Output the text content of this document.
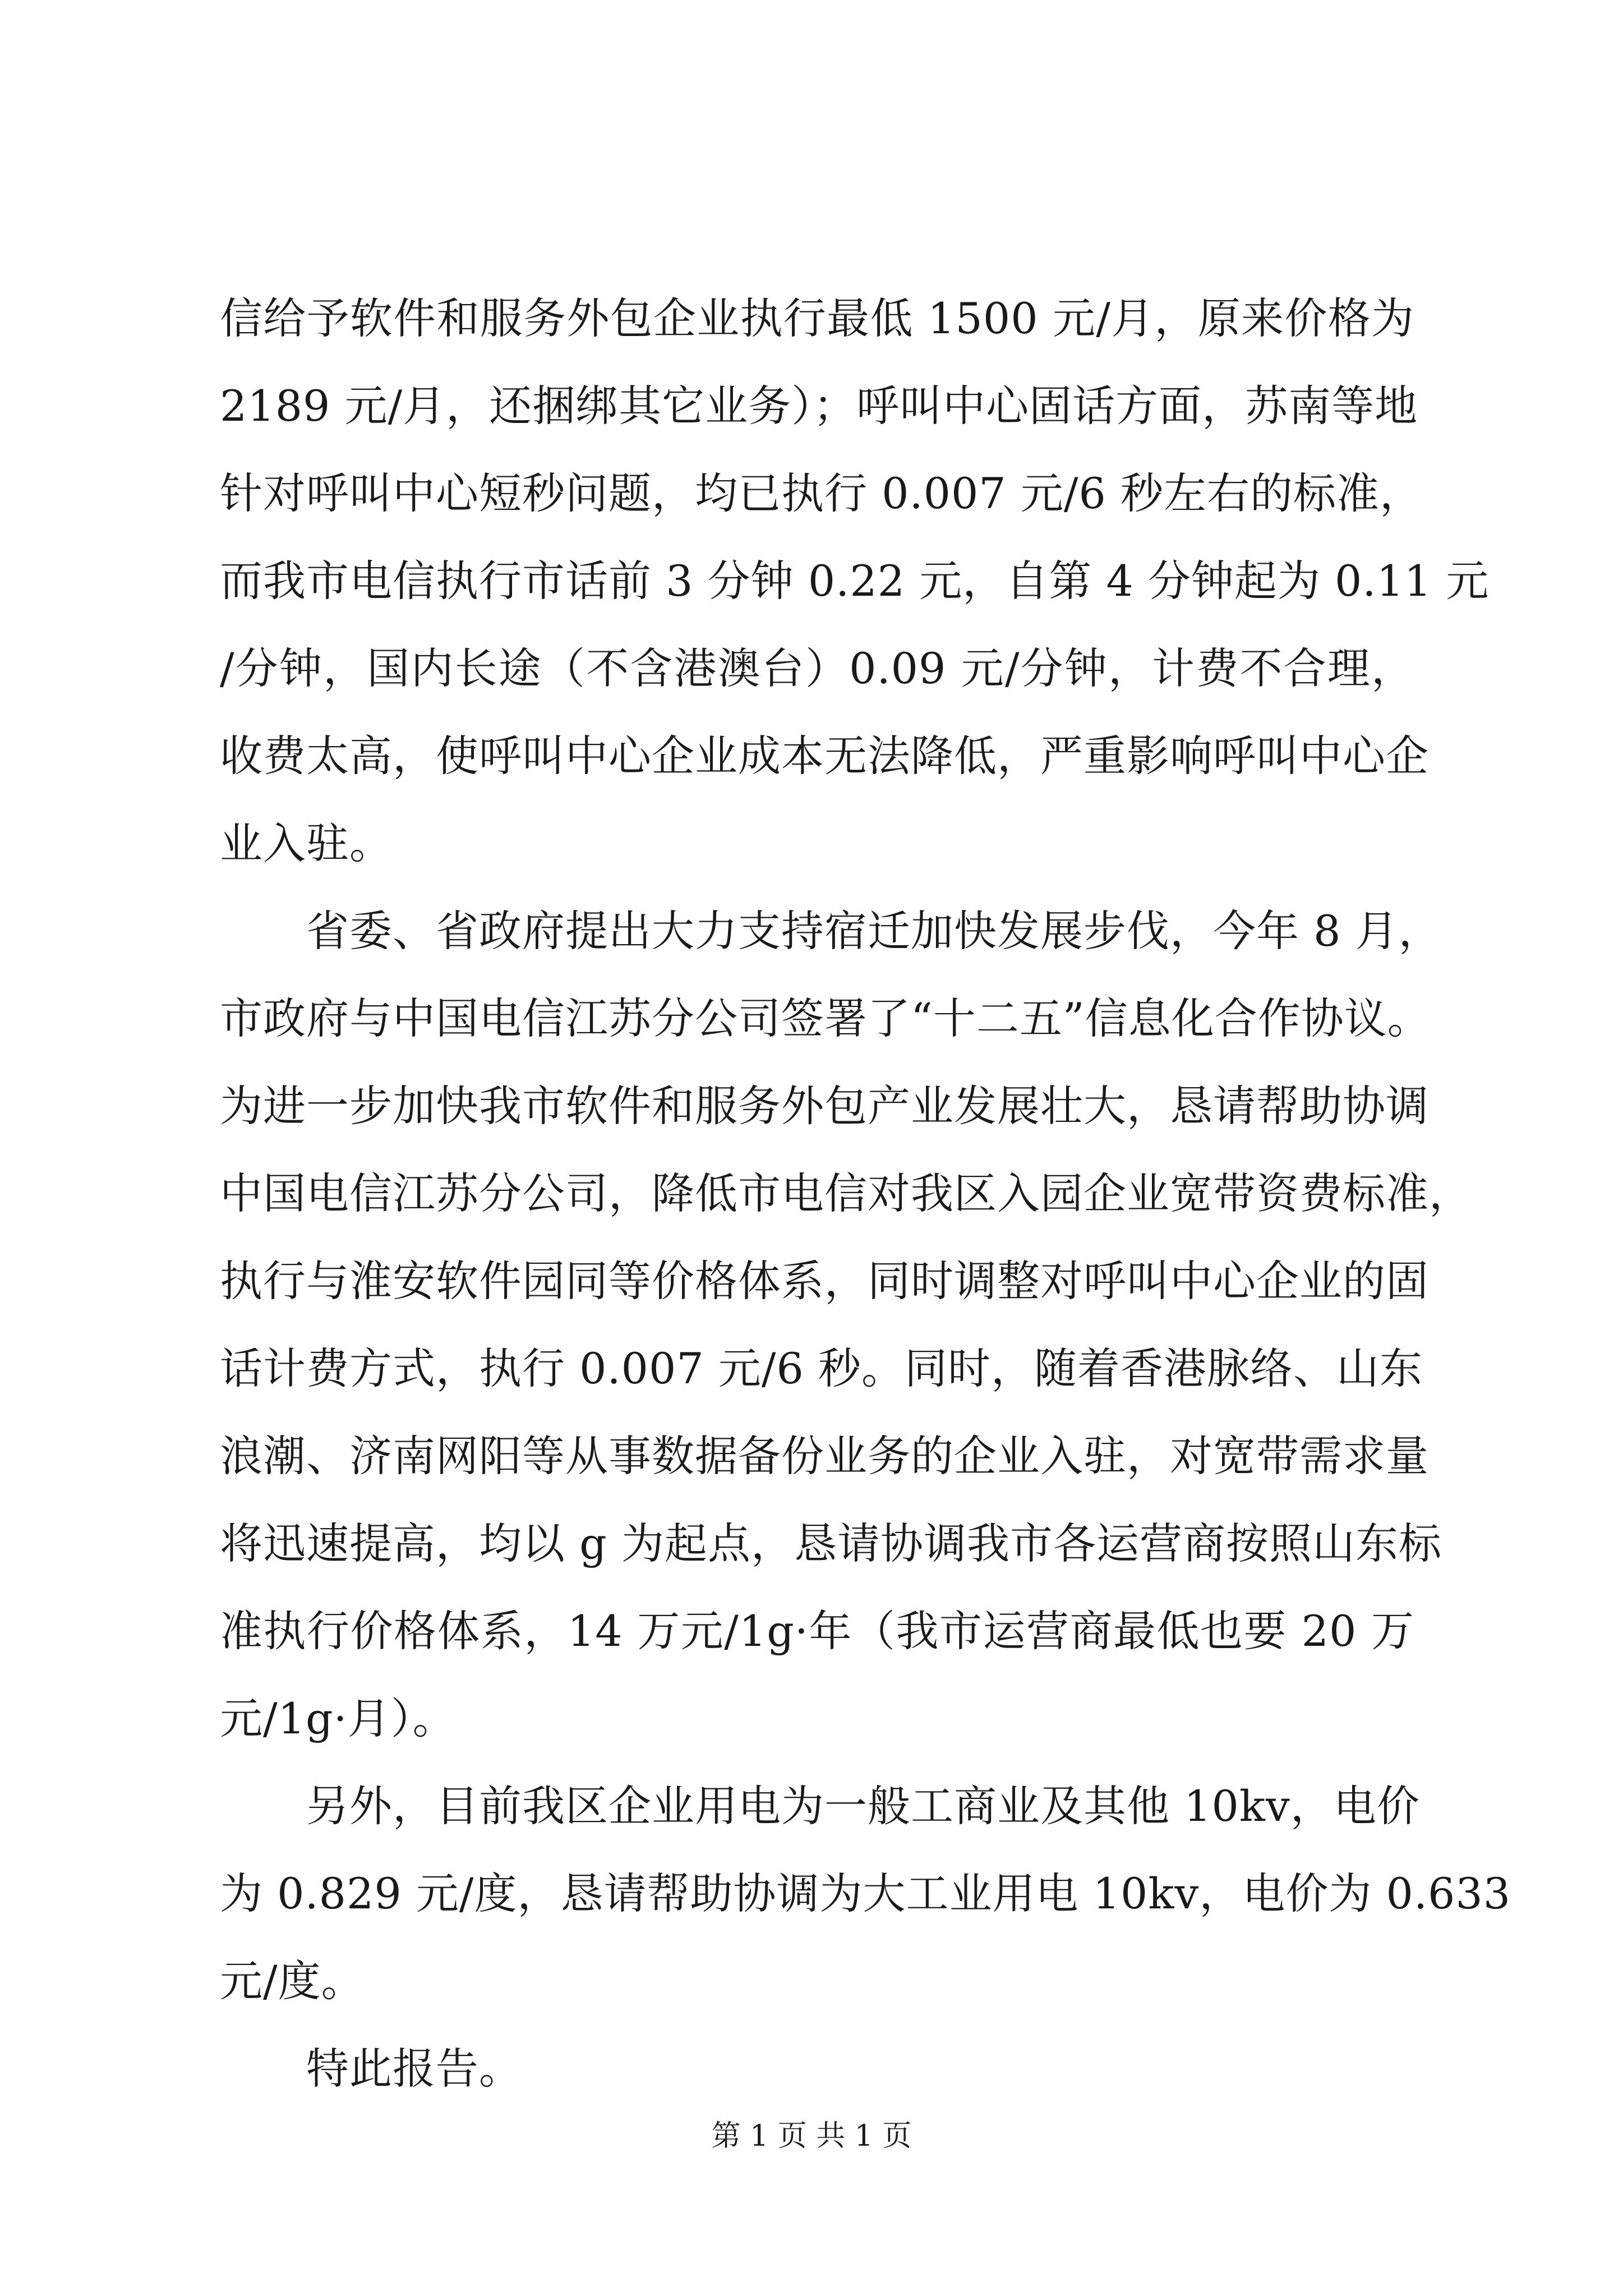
信给予软件和服务外包企业执行最低 1500 元/月，原来价格为
2189 元/月，还捆绑其它业务）；呼叫中心固话方面，苏南等地
针对呼叫中心短秒问题，均已执行 0.007 元/6 秒左右的标准，
而我市电信执行市话前 3 分钟 0.22 元，自第 4 分钟起为 0.11 元
/分钟，国内长途（不含港澳台）0.09 元/分钟，计费不合理，
收费太高，使呼叫中心企业成本无法降低，严重影响呼叫中心企
业入驻。
省委、省政府提出大力支持宿迁加快发展步伐，今年 8 月，
市政府与中国电信江苏分公司签署了“十二五”信息化合作协议。
为进一步加快我市软件和服务外包产业发展壮大，恳请帮助协调
中国电信江苏分公司，降低市电信对我区入园企业宽带资费标准，
执行与淮安软件园同等价格体系，同时调整对呼叫中心企业的固
话计费方式，执行 0.007 元/6 秒。同时，随着香港脉络、山东
浪潮、济南网阳等从事数据备份业务的企业入驻，对宽带需求量
将迅速提高，均以 g 为起点，恳请协调我市各运营商按照山东标
准执行价格体系，14 万元/1g·年（我市运营商最低也要 20 万
元/1g·月）。
另外，目前我区企业用电为一般工商业及其他 10kv，电价
为 0.829 元/度，恳请帮助协调为大工业用电 10kv，电价为 0.633
元/度。
特此报告。
第 1 页 共 1 页
